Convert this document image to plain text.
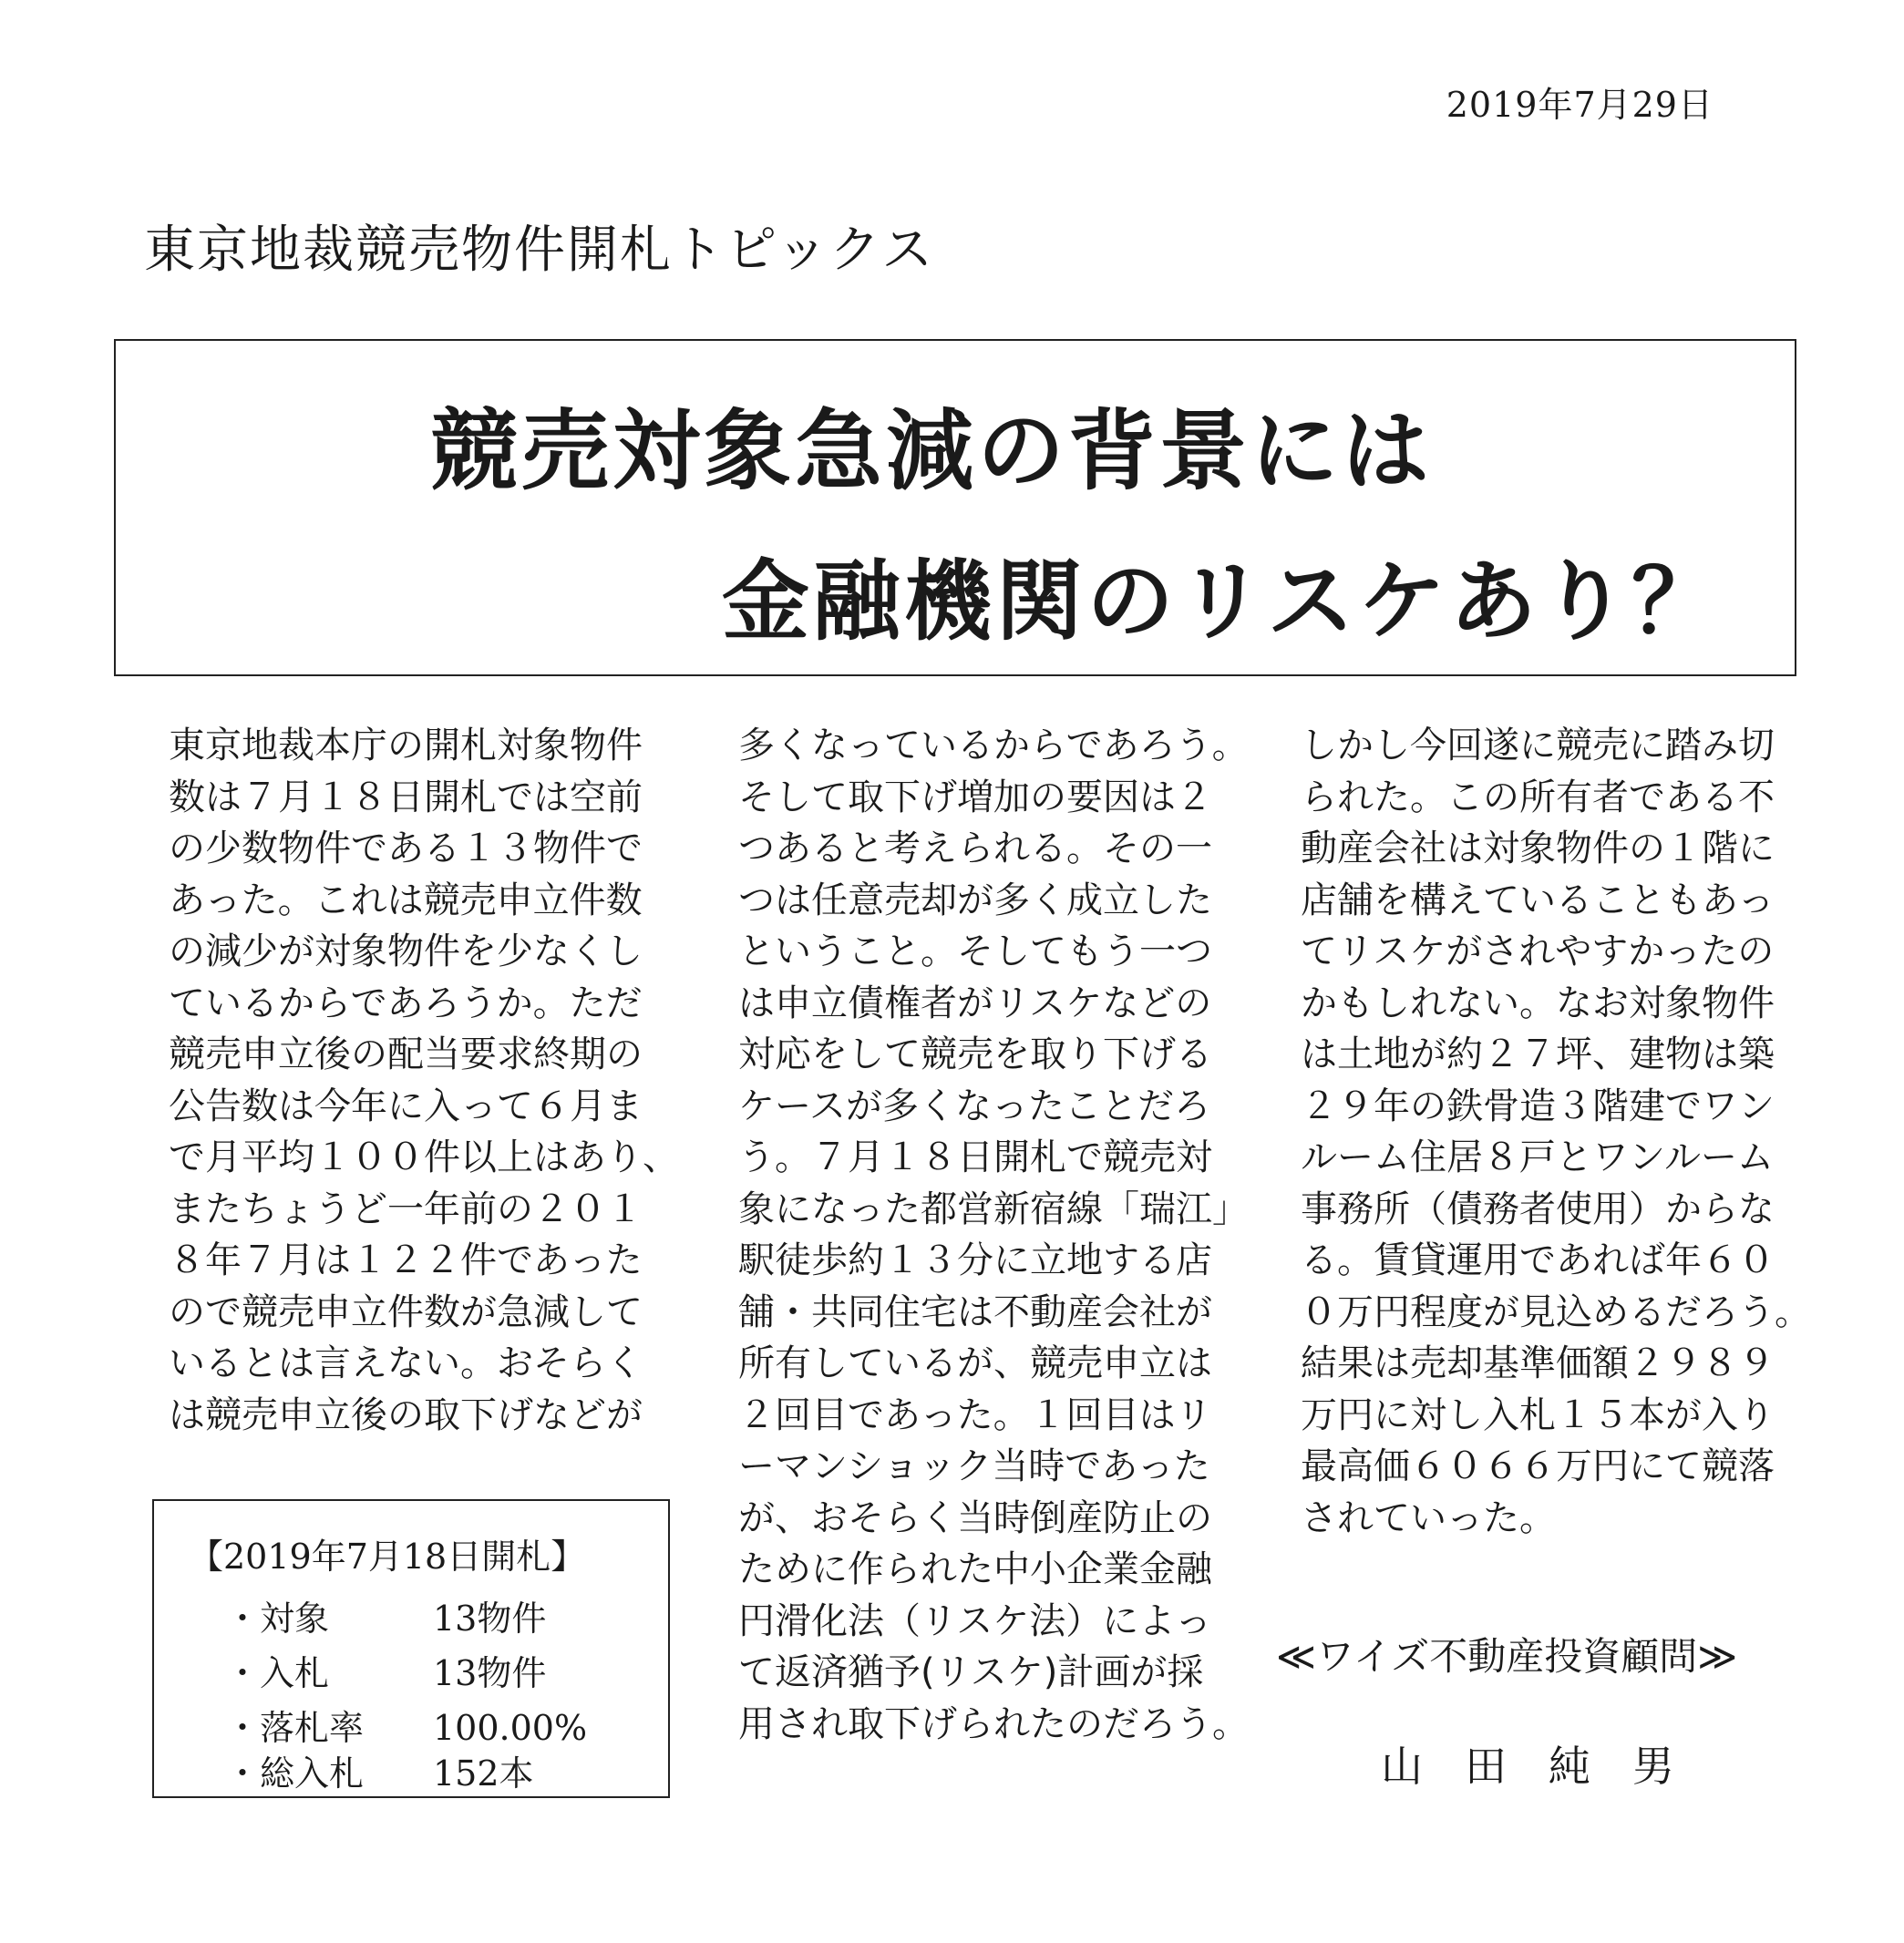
2019年7月29日
東京地裁競売物件開札トピックス
競売対象急減の背景には
金融機関のリスケあり？
東京地裁本庁の開札対象物件
数は７月１８日開札では空前
の少数物件である１３物件で
あった。これは競売申立件数
の減少が対象物件を少なくし
ているからであろうか。ただ
競売申立後の配当要求終期の
公告数は今年に入って６月ま
で月平均１００件以上はあり、
またちょうど一年前の２０１
８年７月は１２２件であった
ので競売申立件数が急減して
いるとは言えない。おそらく
は競売申立後の取下げなどが
多くなっているからであろう。
そして取下げ増加の要因は２
つあると考えられる。その一
つは任意売却が多く成立した
ということ。そしてもう一つ
は申立債権者がリスケなどの
対応をして競売を取り下げる
ケースが多くなったことだろ
う。７月１８日開札で競売対
象になった都営新宿線「瑞江」
駅徒歩約１３分に立地する店
舗・共同住宅は不動産会社が
所有しているが、競売申立は
２回目であった。１回目はリ
ーマンショック当時であった
が、おそらく当時倒産防止の
ために作られた中小企業金融
円滑化法（リスケ法）によっ
て返済猶予(リスケ)計画が採
用され取下げられたのだろう。
しかし今回遂に競売に踏み切
られた。この所有者である不
動産会社は対象物件の１階に
店舗を構えていることもあっ
てリスケがされやすかったの
かもしれない。なお対象物件
は土地が約２７坪、建物は築
２９年の鉄骨造３階建でワン
ルーム住居８戸とワンルーム
事務所（債務者使用）からな
る。賃貸運用であれば年６０
０万円程度が見込めるだろう。
結果は売却基準価額２９８９
万円に対し入札１５本が入り
最高価６０６６万円にて競落
されていった。
【2019年7月18日開札】
・対象	13物件
・入札	13物件
・落札率 100.00%
・総入札 152本
≪ワイズ不動産投資顧問≫
山田純男
